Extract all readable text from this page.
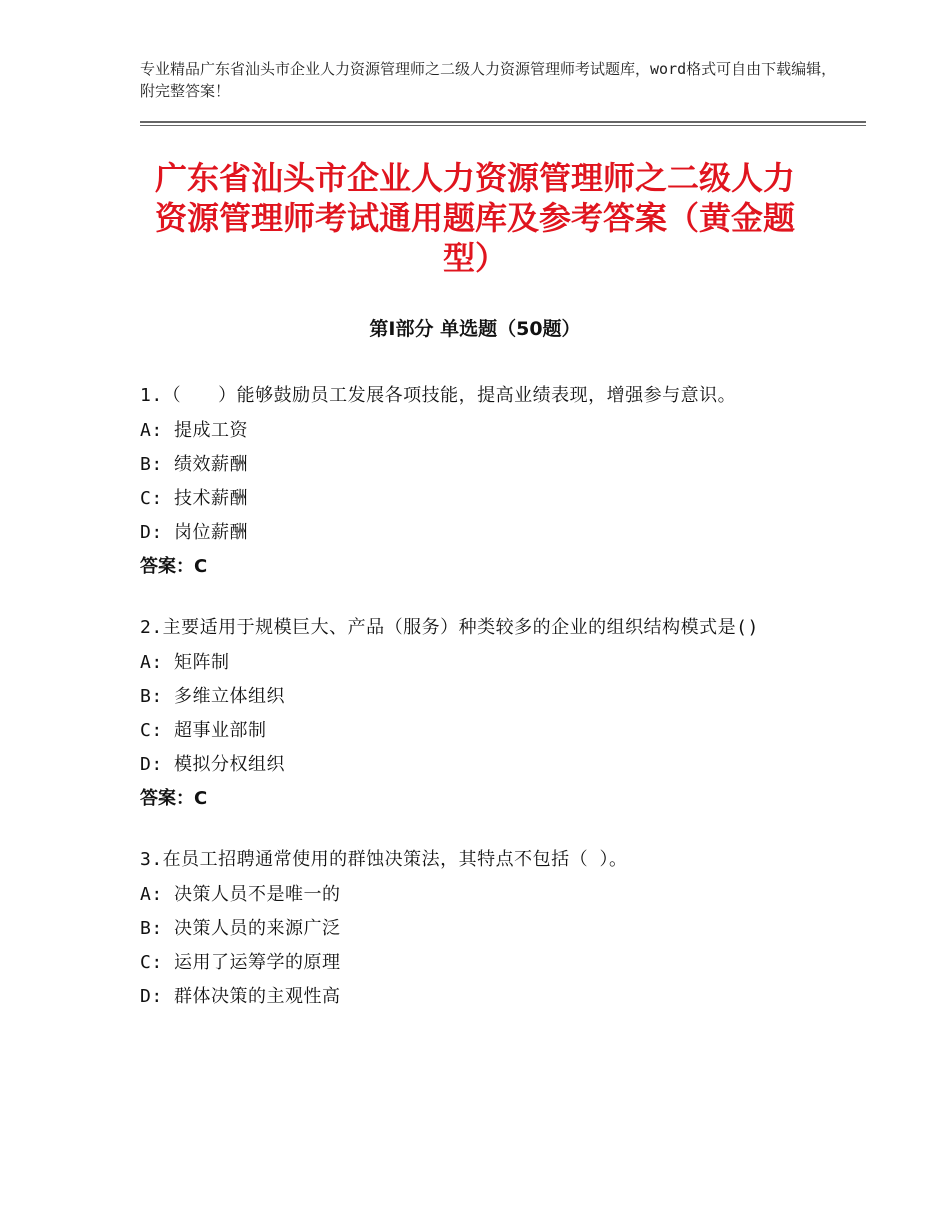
专业精品广东省汕头市企业人力资源管理师之二级人力资源管理师考试题库，word格式可自由下载编辑，附完整答案！
广东省汕头市企业人力资源管理师之二级人力资源管理师考试通用题库及参考答案（黄金题型）
第Ⅰ部分 单选题（50题）
1.（　　）能够鼓励员工发展各项技能，提高业绩表现，增强参与意识。
A: 提成工资
B: 绩效薪酬
C: 技术薪酬
D: 岗位薪酬
答案：C
2.主要适用于规模巨大、产品（服务）种类较多的企业的组织结构模式是()
A: 矩阵制
B: 多维立体组织
C: 超事业部制
D: 模拟分权组织
答案：C
3.在员工招聘通常使用的群蚀决策法，其特点不包括（ ）。
A: 决策人员不是唯一的
B: 决策人员的来源广泛
C: 运用了运筹学的原理
D: 群体决策的主观性高
